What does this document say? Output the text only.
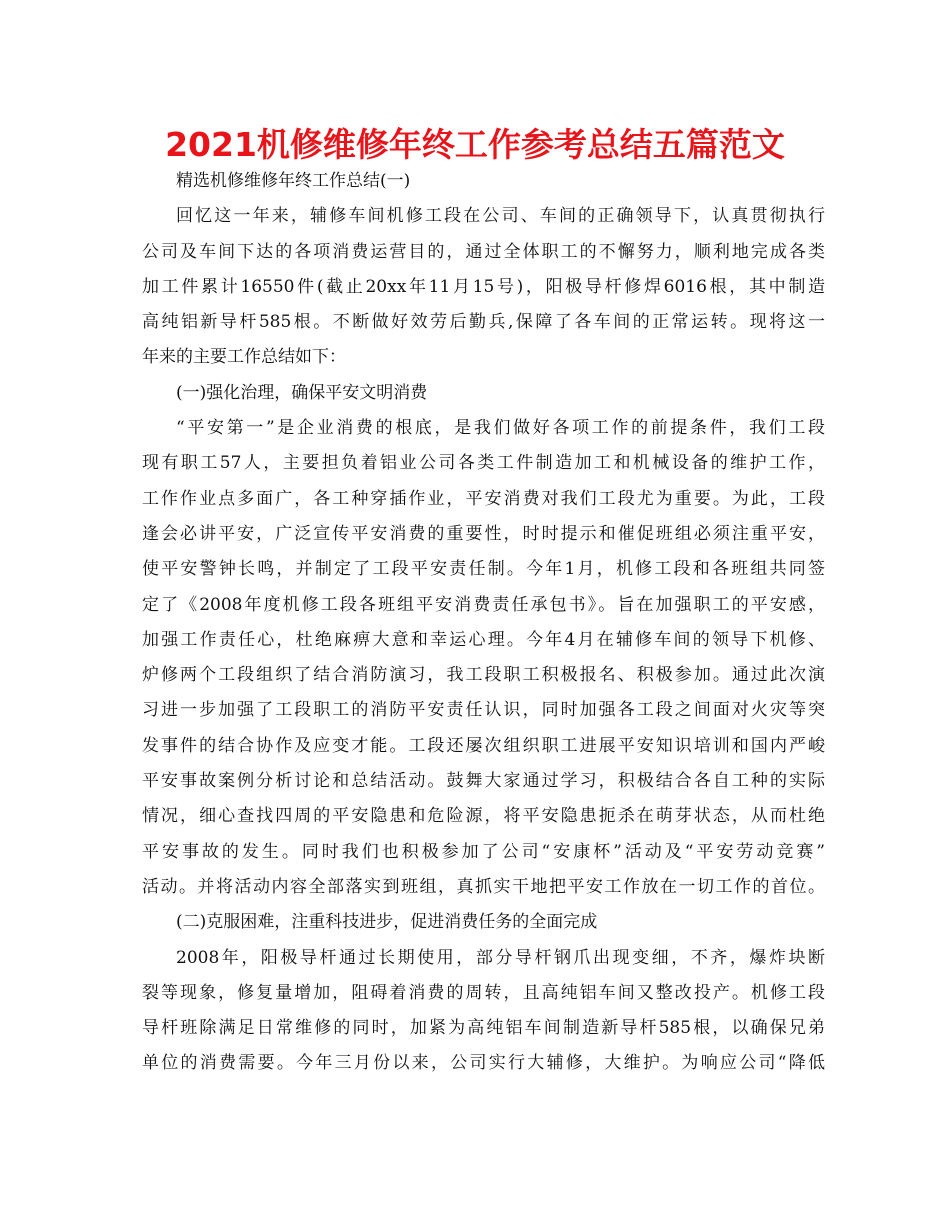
2021机修维修年终工作参考总结五篇范文
精选机修维修年终工作总结(一)
回忆这一年来，辅修车间机修工段在公司、车间的正确领导下，认真贯彻执行
公司及车间下达的各项消费运营目的，通过全体职工的不懈努力，顺利地完成各类
加工件累计16550件(截止20xx年11月15号)，阳极导杆修焊6016根，其中制造
高纯铝新导杆585根。不断做好效劳后勤兵,保障了各车间的正常运转。现将这一
年来的主要工作总结如下：
(一)强化治理，确保平安文明消费
“平安第一”是企业消费的根底，是我们做好各项工作的前提条件，我们工段
现有职工57人，主要担负着铝业公司各类工件制造加工和机械设备的维护工作，
工作作业点多面广，各工种穿插作业，平安消费对我们工段尤为重要。为此，工段
逢会必讲平安，广泛宣传平安消费的重要性，时时提示和催促班组必须注重平安，
使平安警钟长鸣，并制定了工段平安责任制。今年1月，机修工段和各班组共同签
定了《2008年度机修工段各班组平安消费责任承包书》。旨在加强职工的平安感，
加强工作责任心，杜绝麻痹大意和幸运心理。今年4月在辅修车间的领导下机修、
炉修两个工段组织了结合消防演习，我工段职工积极报名、积极参加。通过此次演
习进一步加强了工段职工的消防平安责任认识，同时加强各工段之间面对火灾等突
发事件的结合协作及应变才能。工段还屡次组织职工进展平安知识培训和国内严峻
平安事故案例分析讨论和总结活动。鼓舞大家通过学习，积极结合各自工种的实际
情况，细心查找四周的平安隐患和危险源，将平安隐患扼杀在萌芽状态，从而杜绝
平安事故的发生。同时我们也积极参加了公司“安康杯”活动及“平安劳动竞赛”
活动。并将活动内容全部落实到班组，真抓实干地把平安工作放在一切工作的首位。
(二)克服困难，注重科技进步，促进消费任务的全面完成
2008年，阳极导杆通过长期使用，部分导杆钢爪出现变细，不齐，爆炸块断
裂等现象，修复量增加，阻碍着消费的周转，且高纯铝车间又整改投产。机修工段
导杆班除满足日常维修的同时，加紧为高纯铝车间制造新导杆585根，以确保兄弟
单位的消费需要。今年三月份以来，公司实行大辅修，大维护。为响应公司“降低
